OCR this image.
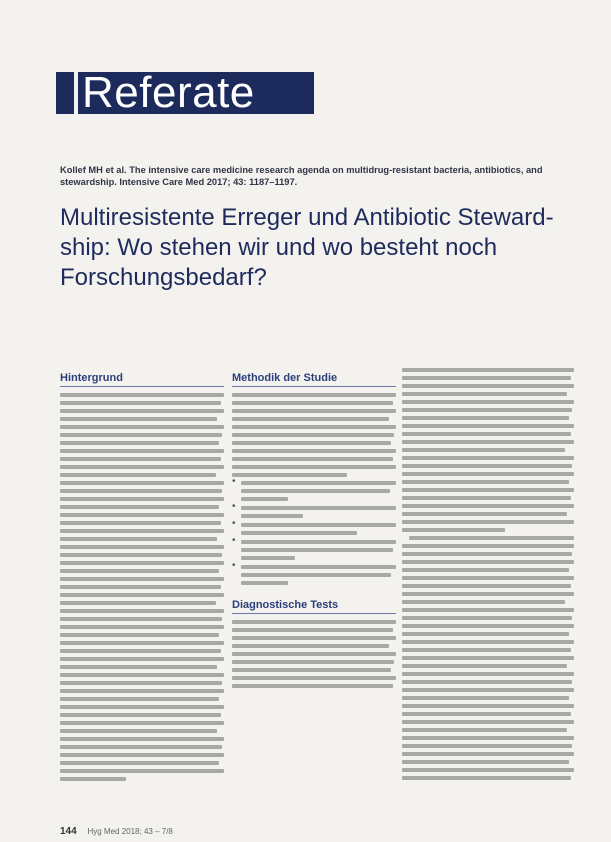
Referate
Kollef MH et al. The intensive care medicine research agenda on multidrug-resistant bacteria, antibiotics, and stewardship. Intensive Care Med 2017; 43: 1187–1197.
Multiresistente Erreger und Antibiotic Stewardship: Wo stehen wir und wo besteht noch Forschungsbedarf?
Hintergrund	Methodik der Studie
•
•
•
•
•
Diagnostische Tests
144 Hyg Med 2018; 43 – 7/8
